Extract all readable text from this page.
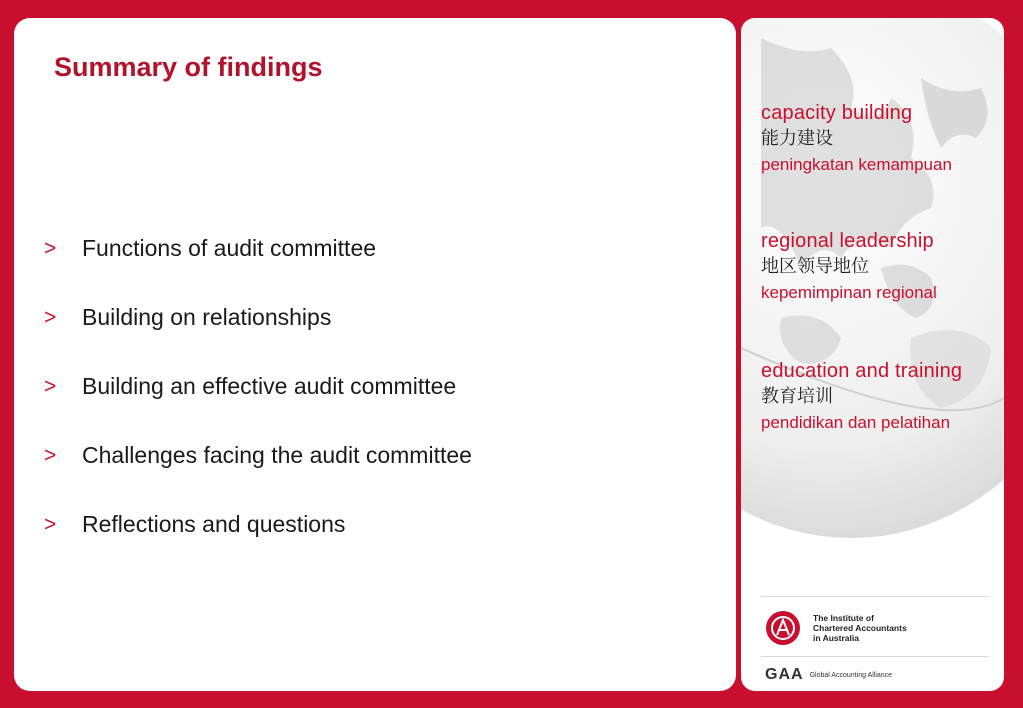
Summary of findings
>	Functions of audit committee
>	Building on relationships
>	Building an effective audit committee
>	Challenges facing the audit committee
>	Reflections and questions
capacity building
能力建设
peningkatan kemampuan
regional leadership
地区领导地位
kepemimpinan regional
education and training
教育培训
pendidikan dan pelatihan
The Institute of
Chartered Accountants
in Australia
GAA Global Accounting Alliance
